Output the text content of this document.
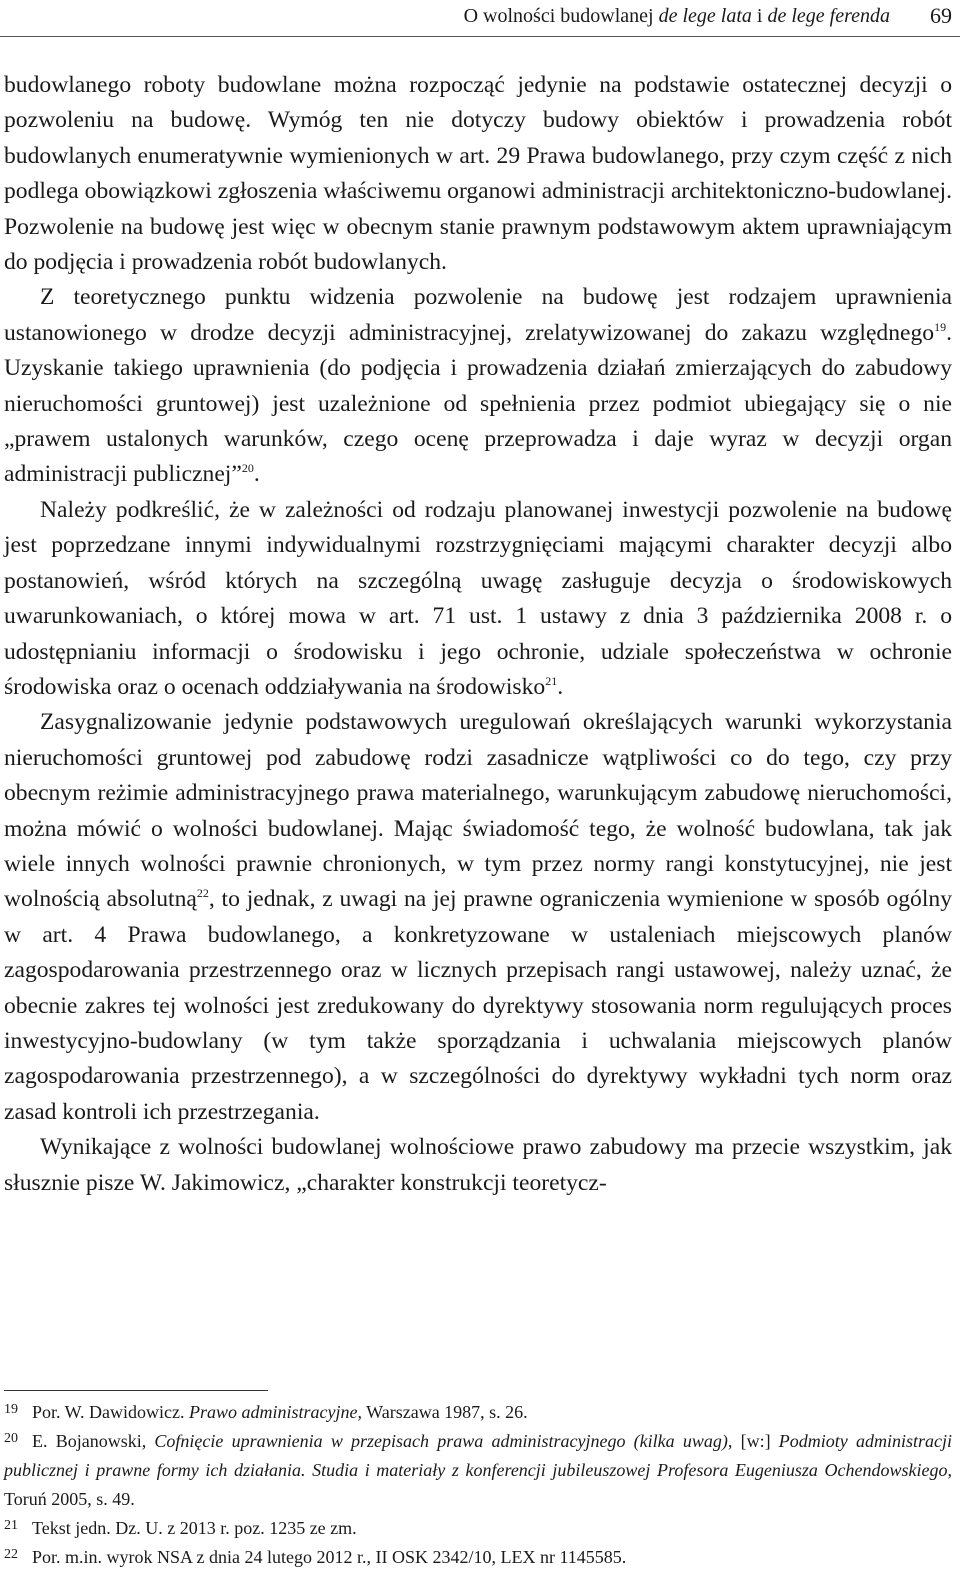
O wolności budowlanej de lege lata i de lege ferenda 69

budowlanego roboty budowlane można rozpocząć jedynie na podstawie ostatecznej decyzji o pozwoleniu na budowę. Wymóg ten nie dotyczy budowy obiektów i prowadzenia robót budowlanych enumeratywnie wymienionych w art. 29 Prawa budowlanego, przy czym część z nich podlega obowiązkowi zgłoszenia właściwemu organowi administracji architektoniczno-budowlanej. Pozwolenie na budowę jest więc w obecnym stanie prawnym podstawowym aktem uprawniającym do podjęcia i prowadzenia robót budowlanych.

Z teoretycznego punktu widzenia pozwolenie na budowę jest rodzajem uprawnienia ustanowionego w drodze decyzji administracyjnej, zrelatywizowanej do zakazu względnego$^{19}$. Uzyskanie takiego uprawnienia (do podjęcia i prowadzenia działań zmierzających do zabudowy nieruchomości gruntowej) jest uzależnione od spełnienia przez podmiot ubiegający się o nie „prawem ustalonych warunków, czego ocenę przeprowadza i daje wyraz w decyzji organ administracji publicznej”$^{20}$.

Należy podkreślić, że w zależności od rodzaju planowanej inwestycji pozwolenie na budowę jest poprzedzane innymi indywidualnymi rozstrzygnięciami mającymi charakter decyzji albo postanowień, wśród których na szczególną uwagę zasługuje decyzja o środowiskowych uwarunkowaniach, o której mowa w art. 71 ust. 1 ustawy z dnia 3 października 2008 r. o udostępnianiu informacji o środowisku i jego ochronie, udziale społeczeństwa w ochronie środowiska oraz o ocenach oddziaływania na środowisko$^{21}$.

Zasygnalizowanie jedynie podstawowych uregulowań określających warunki wykorzystania nieruchomości gruntowej pod zabudowę rodzi zasadnicze wątpliwości co do tego, czy przy obecnym reżimie administracyjnego prawa materialnego, warunkującym zabudowę nieruchomości, można mówić o wolności budowlanej. Mając świadomość tego, że wolność budowlana, tak jak wiele innych wolności prawnie chronionych, w tym przez normy rangi konstytucyjnej, nie jest wolnością absolutną$^{22}$, to jednak, z uwagi na jej prawne ograniczenia wymienione w sposób ogólny w art. 4 Prawa budowlanego, a konkretyzowane w ustaleniach miejscowych planów zagospodarowania przestrzennego oraz w licznych przepisach rangi ustawowej, należy uznać, że obecnie zakres tej wolności jest zredukowany do dyrektywy stosowania norm regulujących proces inwestycyjno-budowlany (w tym także sporządzania i uchwalania miejscowych planów zagospodarowania przestrzennego), a w szczególności do dyrektywy wykładni tych norm oraz zasad kontroli ich przestrzegania.

Wynikające z wolności budowlanej wolnościowe prawo zabudowy ma przecie wszystkim, jak słusznie pisze W. Jakimowicz, „charakter konstrukcji teoretycz-

19 Por. W. Dawidowicz. Prawo administracyjne, Warszawa 1987, s. 26.

20 E. Bojanowski, Cofnięcie uprawnienia w przepisach prawa administracyjnego (kilka uwag), [w:] Podmioty administracji publicznej i prawne formy ich działania. Studia i materiały z konferencji jubileuszowej Profesora Eugeniusza Ochendowskiego, Toruń 2005, s. 49.

21 Tekst jedn. Dz. U. z 2013 r. poz. 1235 ze zm.

22 Por. m.in. wyrok NSA z dnia 24 lutego 2012 r., II OSK 2342/10, LEX nr 1145585.
